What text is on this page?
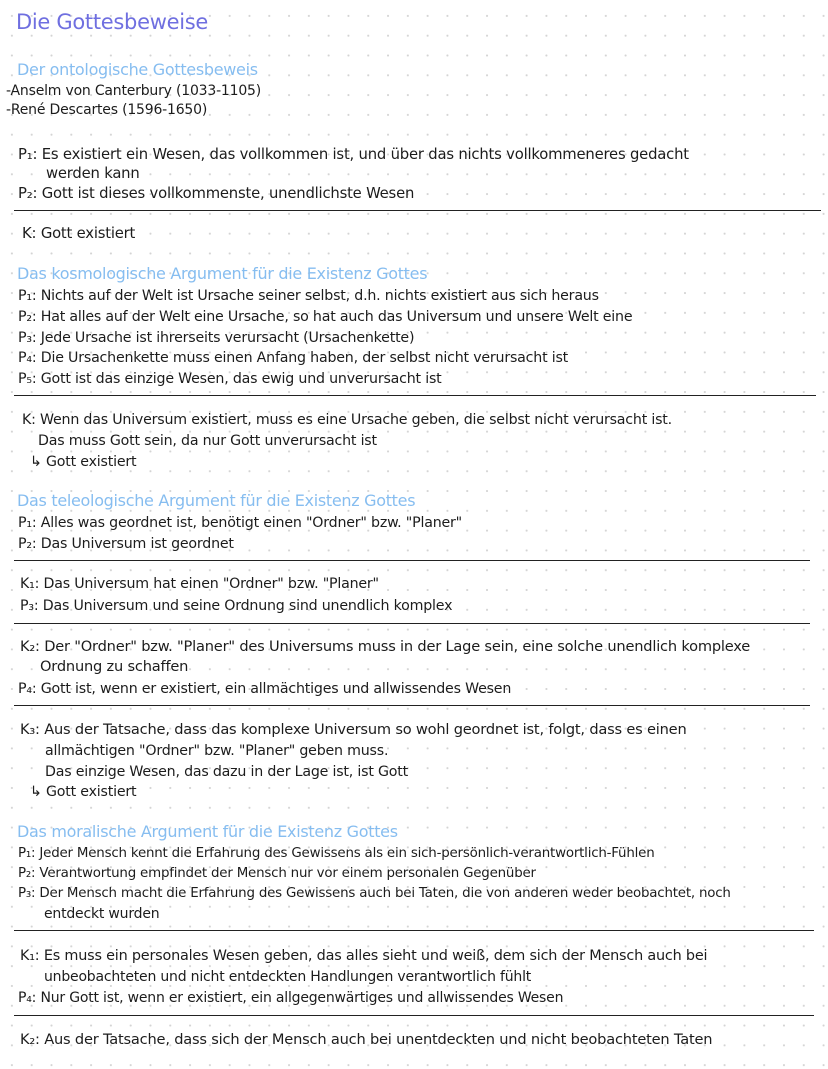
Die Gottesbeweise
Der ontologische Gottesbeweis
-Anselm von Canterbury (1033-1105)
-René Descartes (1596-1650)
P₁: Es existiert ein Wesen, das vollkommen ist, und über das nichts vollkommeneres gedacht
werden kann
P₂: Gott ist dieses vollkommenste, unendlichste Wesen
K: Gott existiert
Das kosmologische Argument für die Existenz Gottes
P₁: Nichts auf der Welt ist Ursache seiner selbst, d.h. nichts existiert aus sich heraus
P₂: Hat alles auf der Welt eine Ursache, so hat auch das Universum und unsere Welt eine
P₃: Jede Ursache ist ihrerseits verursacht (Ursachenkette)
P₄: Die Ursachenkette muss einen Anfang haben, der selbst nicht verursacht ist
P₅: Gott ist das einzige Wesen, das ewig und unverursacht ist
K: Wenn das Universum existiert, muss es eine Ursache geben, die selbst nicht verursacht ist.
Das muss Gott sein, da nur Gott unverursacht ist
↳ Gott existiert
Das teleologische Argument für die Existenz Gottes
P₁: Alles was geordnet ist, benötigt einen "Ordner" bzw. "Planer"
P₂: Das Universum ist geordnet
K₁: Das Universum hat einen "Ordner" bzw. "Planer"
P₃: Das Universum und seine Ordnung sind unendlich komplex
K₂: Der "Ordner" bzw. "Planer" des Universums muss in der Lage sein, eine solche unendlich komplexe
Ordnung zu schaffen
P₄: Gott ist, wenn er existiert, ein allmächtiges und allwissendes Wesen
K₃: Aus der Tatsache, dass das komplexe Universum so wohl geordnet ist, folgt, dass es einen
allmächtigen "Ordner" bzw. "Planer" geben muss.
Das einzige Wesen, das dazu in der Lage ist, ist Gott
↳ Gott existiert
Das moralische Argument für die Existenz Gottes
P₁: Jeder Mensch kennt die Erfahrung des Gewissens als ein sich-persönlich-verantwortlich-Fühlen
P₂: Verantwortung empfindet der Mensch nur vor einem personalen Gegenüber
P₃: Der Mensch macht die Erfahrung des Gewissens auch bei Taten, die von anderen weder beobachtet, noch
entdeckt wurden
K₁: Es muss ein personales Wesen geben, das alles sieht und weiß, dem sich der Mensch auch bei
unbeobachteten und nicht entdeckten Handlungen verantwortlich fühlt
P₄: Nur Gott ist, wenn er existiert, ein allgegenwärtiges und allwissendes Wesen
K₂: Aus der Tatsache, dass sich der Mensch auch bei unentdeckten und nicht beobachteten Taten
